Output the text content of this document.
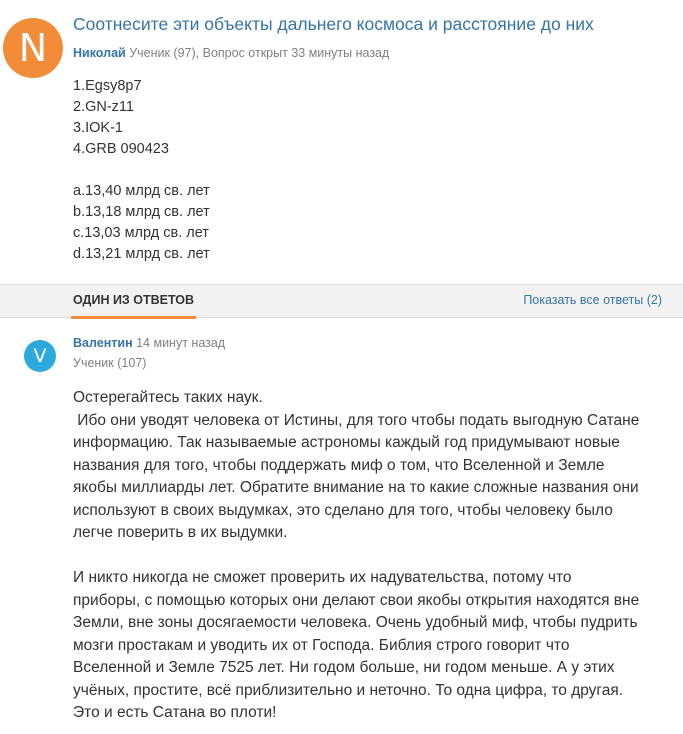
N
Соотнесите эти объекты дальнего космоса и расстояние до них
Николай Ученик (97), Вопрос открыт 33 минуты назад
1.Egsy8p7
2.GN-z11
3.IOK-1
4.GRB 090423
a.13,40 млрд св. лет
b.13,18 млрд св. лет
c.13,03 млрд св. лет
d.13,21 млрд св. лет
ОДИН ИЗ ОТВЕТОВ	Показать все ответы (2)
V
Валентин 14 минут назад
Ученик (107)
Остерегайтесь таких наук.
Ибо они уводят человека от Истины, для того чтобы подать выгодную Сатане
информацию. Так называемые астрономы каждый год придумывают новые
названия для того, чтобы поддержать миф о том, что Вселенной и Земле
якобы миллиарды лет. Обратите внимание на то какие сложные названия они
используют в своих выдумках, это сделано для того, чтобы человеку было
легче поверить в их выдумки.
И никто никогда не сможет проверить их надувательства, потому что
приборы, с помощью которых они делают свои якобы открытия находятся вне
Земли, вне зоны досягаемости человека. Очень удобный миф, чтобы пудрить
мозги простакам и уводить их от Господа. Библия строго говорит что
Вселенной и Земле 7525 лет. Ни годом больше, ни годом меньше. А у этих
учёных, простите, всё приблизительно и неточно. То одна цифра, то другая.
Это и есть Сатана во плоти!
